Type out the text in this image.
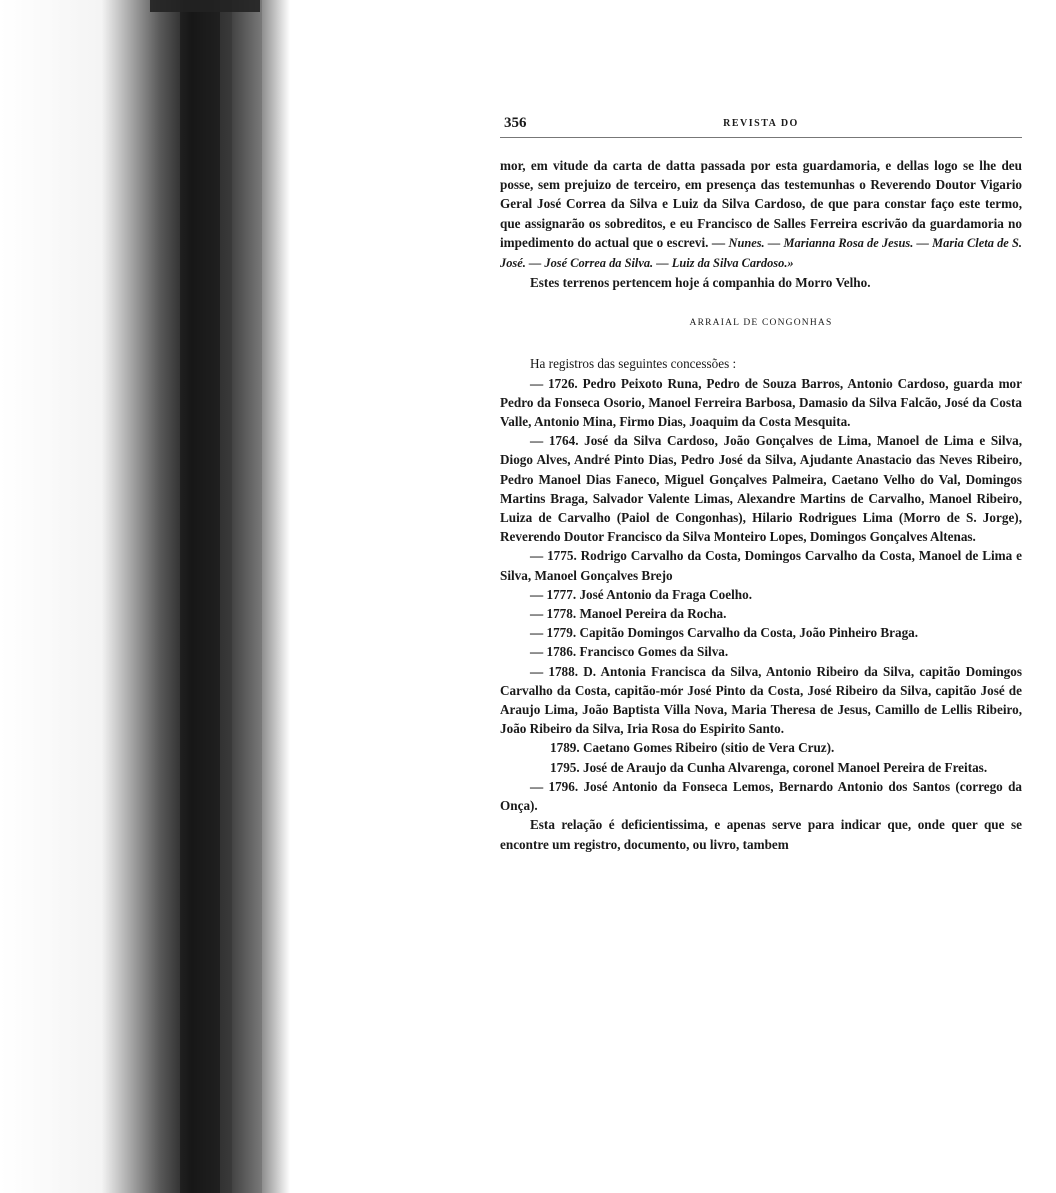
356	REVISTA DO

mor, em vitude da carta de datta passada por esta guardamoria, e dellas logo se lhe deu posse, sem prejuizo de terceiro, em presença das testemunhas o Reverendo Doutor Vigario Geral José Correa da Silva e Luiz da Silva Cardoso, de que para constar faço este termo, que assignarão os sobreditos, e eu Francisco de Salles Ferreira escrivão da guardamoria no impedimento do actual que o escrevi. — Nunes. — Marianna Rosa de Jesus. — Maria Cleta de S. José. — José Correa da Silva. — Luiz da Silva Cardoso.»

Estes terrenos pertencem hoje á companhia do Morro Velho.

ARRAIAL DE CONGONHAS

Ha registros das seguintes concessões :

— 1726. Pedro Peixoto Runa, Pedro de Souza Barros, Antonio Cardoso, guarda mor Pedro da Fonseca Osorio, Manoel Ferreira Barbosa, Damasio da Silva Falcão, José da Costa Valle, Antonio Mina, Firmo Dias, Joaquim da Costa Mesquita.

— 1764. José da Silva Cardoso, João Gonçalves de Lima, Manoel de Lima e Silva, Diogo Alves, André Pinto Dias, Pedro José da Silva, Ajudante Anastacio das Neves Ribeiro, Pedro Manoel Dias Faneco, Miguel Gonçalves Palmeira, Caetano Velho do Val, Domingos Martins Braga, Salvador Valente Limas, Alexandre Martins de Carvalho, Manoel Ribeiro, Luiza de Carvalho (Paiol de Congonhas), Hilario Rodrigues Lima (Morro de S. Jorge), Reverendo Doutor Francisco da Silva Monteiro Lopes, Domingos Gonçalves Altenas.

— 1775. Rodrigo Carvalho da Costa, Domingos Carvalho da Costa, Manoel de Lima e Silva, Manoel Gonçalves Brejo

— 1777. José Antonio da Fraga Coelho.

— 1778. Manoel Pereira da Rocha.

— 1779. Capitão Domingos Carvalho da Costa, João Pinheiro Braga.

— 1786. Francisco Gomes da Silva.

— 1788. D. Antonia Francisca da Silva, Antonio Ribeiro da Silva, capitão Domingos Carvalho da Costa, capitão-mór José Pinto da Costa, José Ribeiro da Silva, capitão José de Araujo Lima, João Baptista Villa Nova, Maria Theresa de Jesus, Camillo de Lellis Ribeiro, João Ribeiro da Silva, Iria Rosa do Espirito Santo.

1789. Caetano Gomes Ribeiro (sitio de Vera Cruz).

1795. José de Araujo da Cunha Alvarenga, coronel Manoel Pereira de Freitas.

— 1796. José Antonio da Fonseca Lemos, Bernardo Antonio dos Santos (corrego da Onça).

Esta relação é deficientissima, e apenas serve para indicar que, onde quer que se encontre um registro, documento, ou livro, tambem
